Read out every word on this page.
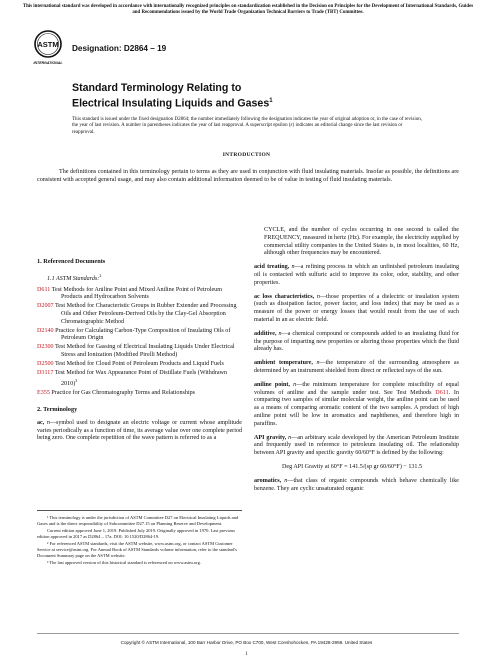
This international standard was developed in accordance with internationally recognized principles on standardization established in the Decision on Principles for the Development of International Standards, Guides and Recommendations issued by the World Trade Organization Technical Barriers to Trade (TBT) Committee.
ASTM
INTERNATIONAL
Designation: D2864 – 19
Standard Terminology Relating to
Electrical Insulating Liquids and Gases$^1$
This standard is issued under the fixed designation D2864; the number immediately following the designation indicates the year of original adoption or, in the case of revision, the year of last revision. A number in parentheses indicates the year of last reapproval. A superscript epsilon (ε) indicates an editorial change since the last revision or reapproval.
INTRODUCTION
The definitions contained in this terminology pertain to terms as they are used in conjunction with fluid insulating materials. Insofar as possible, the definitions are consistent with accepted general usage, and may also contain additional information deemed to be of value in testing of fluid insulating materials.

1. Referenced Documents

1.1 ASTM Standards:$^2$

D611 Test Methods for Aniline Point and Mixed Aniline Point of Petroleum Products and Hydrocarbon Solvents
D2007 Test Method for Characteristic Groups in Rubber Extender and Processing Oils and Other Petroleum-Derived Oils by the Clay-Gel Absorption Chromatographic Method
D2140 Practice for Calculating Carbon-Type Composition of Insulating Oils of Petroleum Origin
D2300 Test Method for Gassing of Electrical Insulating Liquids Under Electrical Stress and Ionization (Modified Pirelli Method)
D2500 Test Method for Cloud Point of Petroleum Products and Liquid Fuels
D3117 Test Method for Wax Appearance Point of Distillate Fuels (Withdrawn 2010)$^3$
E355 Practice for Gas Chromatography Terms and Relationships

2. Terminology

ac, n—symbol used to designate an electric voltage or current whose amplitude varies periodically as a function of time, its average value over one complete period being zero. One complete repetition of the wave pattern is referred to as a

¹ This terminology is under the jurisdiction of ASTM Committee D27 on Electrical Insulating Liquids and Gases and is the direct responsibility of Subcommittee D27.15 on Planning Reserve and Development.

Current edition approved June 1, 2019. Published July 2019. Originally approved in 1970. Last previous edition approved in 2017 as D2864 – 17a. DOI: 10.1520/D2864-19.

² For referenced ASTM standards, visit the ASTM website, www.astm.org, or contact ASTM Customer Service at service@astm.org. For Annual Book of ASTM Standards volume information, refer to the standard's Document Summary page on the ASTM website.

³ The last approved version of this historical standard is referenced on www.astm.org.

CYCLE, and the number of cycles occurring in one second is called the FREQUENCY, measured in hertz (Hz). For example, the electricity supplied by commercial utility companies in the United States is, in most localities, 60 Hz, although other frequencies may be encountered.

acid treating, n—a refining process in which an unfinished petroleum insulating oil is contacted with sulfuric acid to improve its color, odor, stability, and other properties.

ac loss characteristics, n—those properties of a dielectric or insulation system (such as dissipation factor, power factor, and loss index) that may be used as a measure of the power or energy losses that would result from the use of such material in an ac electric field.

additive, n—a chemical compound or compounds added to an insulating fluid for the purpose of imparting new properties or altering those properties which the fluid already has.

ambient temperature, n—the temperature of the surrounding atmosphere as determined by an instrument shielded from direct or reflected rays of the sun.

aniline point, n—the minimum temperature for complete miscibility of equal volumes of aniline and the sample under test. See Test Methods D611. In comparing two samples of similar molecular weight, the aniline point can be used as a means of comparing aromatic content of the two samples. A product of high aniline point will be low in aromatics and naphthenes, and therefore high in paraffins.

API gravity, n—an arbitrary scale developed by the American Petroleum Institute and frequently used in reference to petroleum insulating oil. The relationship between API gravity and specific gravity 60/60°F is defined by the following:

Deg API Gravity at 60°F = 141.5/(sp gr 60/60°F) − 131.5

aromatics, n—that class of organic compounds which behave chemically like benzene. They are cyclic unsaturated organic

Copyright © ASTM International, 100 Barr Harbor Drive, PO Box C700, West Conshohocken, PA 19428-2959. United States
1
